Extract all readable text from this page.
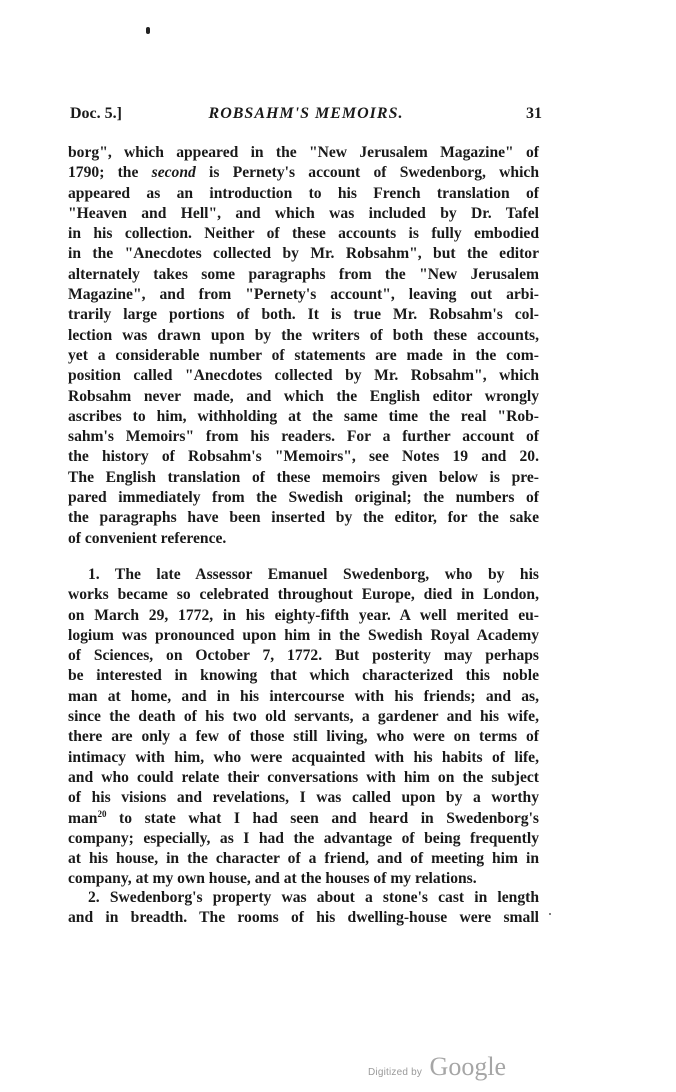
Doc. 5.]	ROBSAHM'S MEMOIRS.	31
borg", which appeared in the "New Jerusalem Magazine" of
1790; the second is Pernety's account of Swedenborg, which
appeared as an introduction to his French translation of
"Heaven and Hell", and which was included by Dr. Tafel
in his collection. Neither of these accounts is fully embodied
in the "Anecdotes collected by Mr. Robsahm", but the editor
alternately takes some paragraphs from the "New Jerusalem
Magazine", and from "Pernety's account", leaving out arbi-
trarily large portions of both. It is true Mr. Robsahm's col-
lection was drawn upon by the writers of both these accounts,
yet a considerable number of statements are made in the com-
position called "Anecdotes collected by Mr. Robsahm", which
Robsahm never made, and which the English editor wrongly
ascribes to him, withholding at the same time the real "Rob-
sahm's Memoirs" from his readers. For a further account of
the history of Robsahm's "Memoirs", see Notes 19 and 20.
The English translation of these memoirs given below is pre-
pared immediately from the Swedish original; the numbers of
the paragraphs have been inserted by the editor, for the sake
of convenient reference.
1. The late Assessor Emanuel Swedenborg, who by his
works became so celebrated throughout Europe, died in London,
on March 29, 1772, in his eighty-fifth year. A well merited eu-
logium was pronounced upon him in the Swedish Royal Academy
of Sciences, on October 7, 1772. But posterity may perhaps
be interested in knowing that which characterized this noble
man at home, and in his intercourse with his friends; and as,
since the death of his two old servants, a gardener and his wife,
there are only a few of those still living, who were on terms of
intimacy with him, who were acquainted with his habits of life,
and who could relate their conversations with him on the subject
of his visions and revelations, I was called upon by a worthy
man$^{20}$ to state what I had seen and heard in Swedenborg's
company; especially, as I had the advantage of being frequently
at his house, in the character of a friend, and of meeting him in
company, at my own house, and at the houses of my relations.
2. Swedenborg's property was about a stone's cast in length
and in breadth. The rooms of his dwelling-house were small
Digitized by Google
